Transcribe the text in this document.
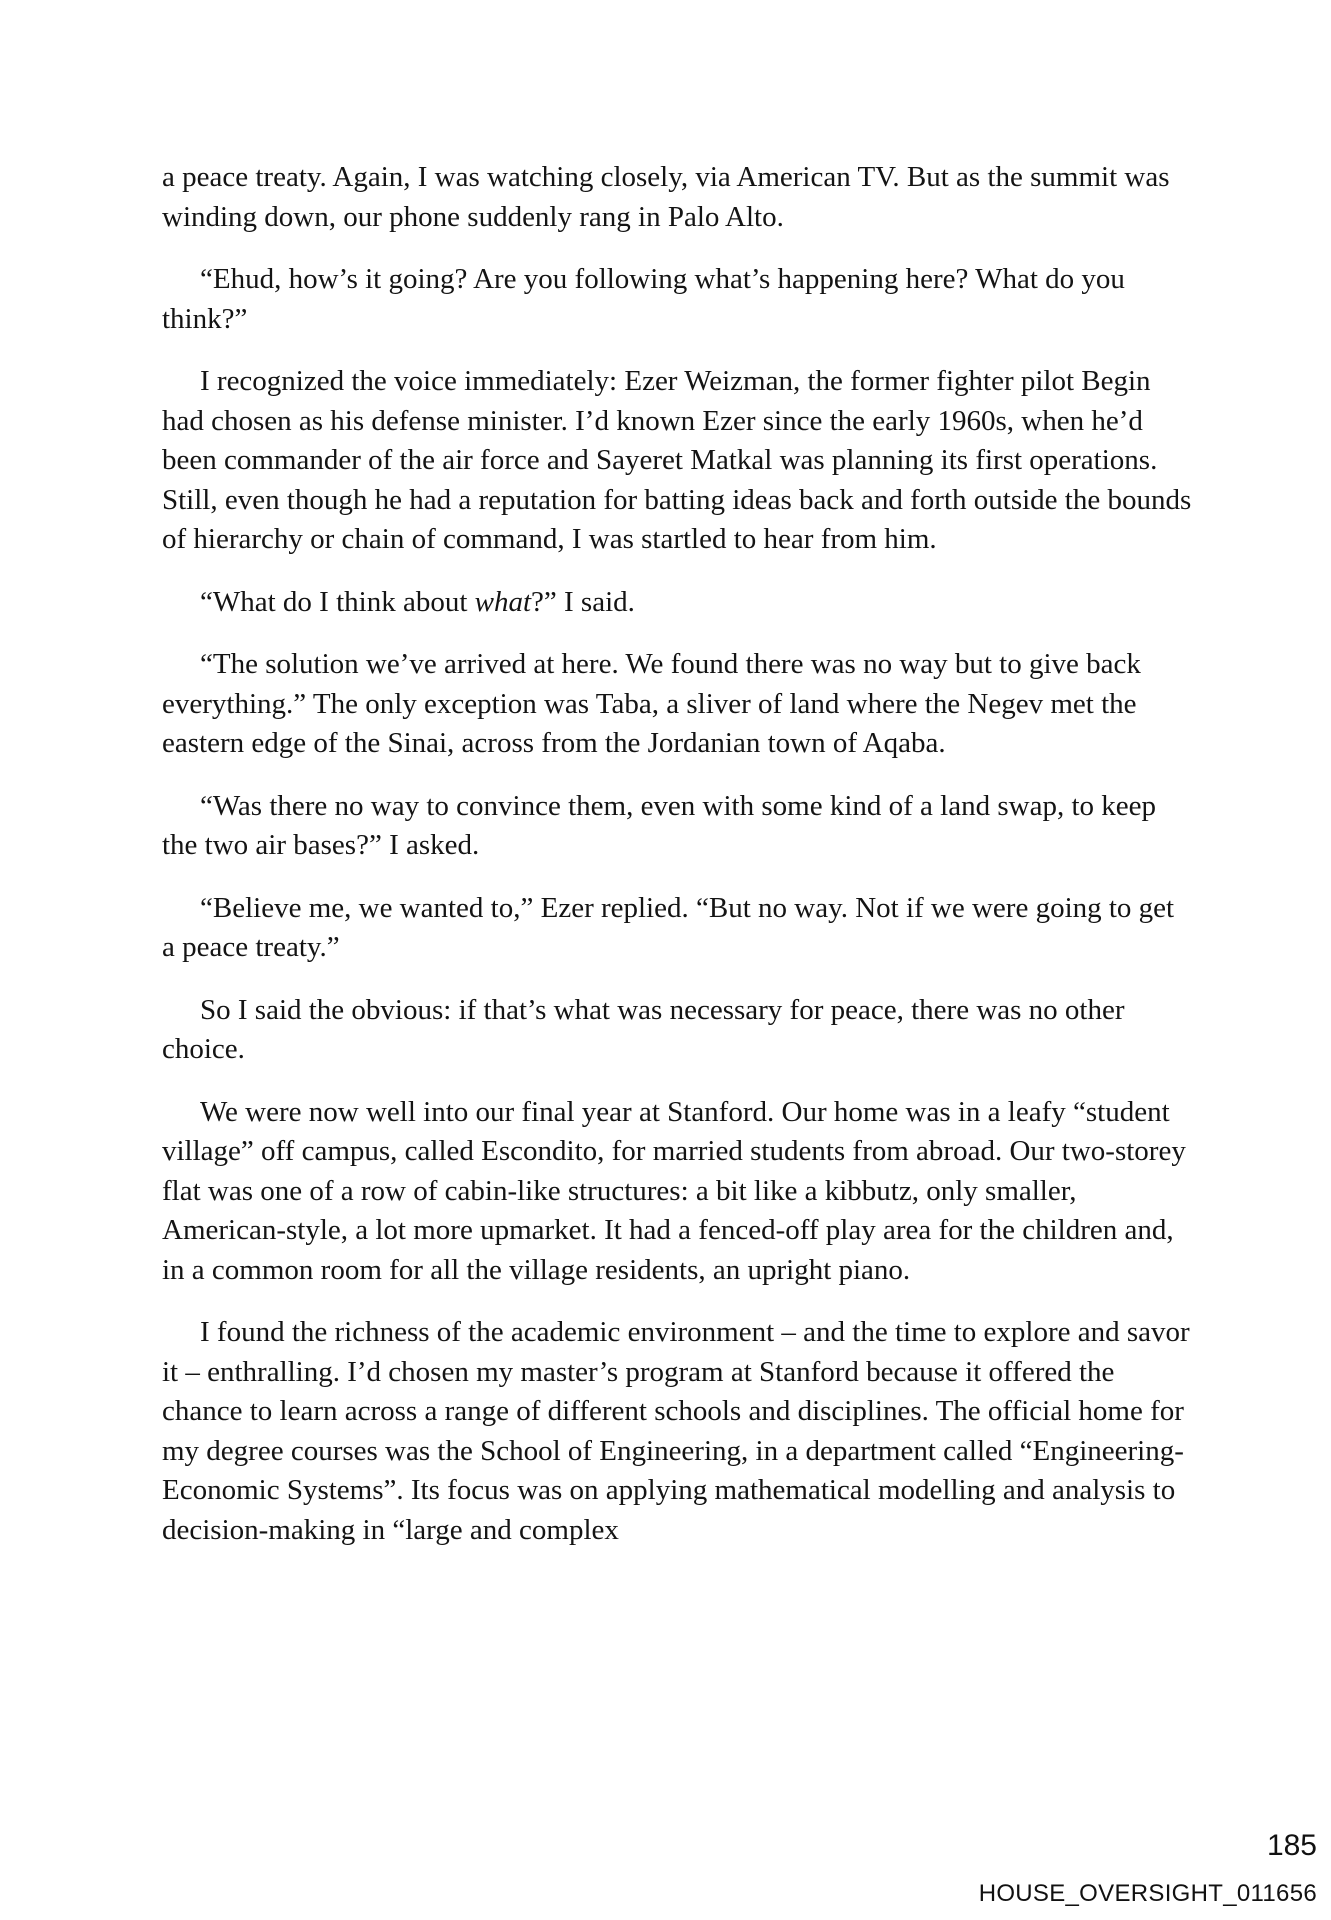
a peace treaty. Again, I was watching closely, via American TV. But as the summit was winding down, our phone suddenly rang in Palo Alto.

“Ehud, how’s it going? Are you following what’s happening here? What do you think?”

I recognized the voice immediately: Ezer Weizman, the former fighter pilot Begin had chosen as his defense minister. I’d known Ezer since the early 1960s, when he’d been commander of the air force and Sayeret Matkal was planning its first operations. Still, even though he had a reputation for batting ideas back and forth outside the bounds of hierarchy or chain of command, I was startled to hear from him.

“What do I think about what?” I said.

“The solution we’ve arrived at here. We found there was no way but to give back everything.” The only exception was Taba, a sliver of land where the Negev met the eastern edge of the Sinai, across from the Jordanian town of Aqaba.

“Was there no way to convince them, even with some kind of a land swap, to keep the two air bases?” I asked.

“Believe me, we wanted to,” Ezer replied. “But no way. Not if we were going to get a peace treaty.”

So I said the obvious: if that’s what was necessary for peace, there was no other choice.

We were now well into our final year at Stanford. Our home was in a leafy “student village” off campus, called Escondito, for married students from abroad. Our two-storey flat was one of a row of cabin-like structures: a bit like a kibbutz, only smaller, American-style, a lot more upmarket. It had a fenced-off play area for the children and, in a common room for all the village residents, an upright piano.

I found the richness of the academic environment – and the time to explore and savor it – enthralling. I’d chosen my master’s program at Stanford because it offered the chance to learn across a range of different schools and disciplines. The official home for my degree courses was the School of Engineering, in a department called “Engineering-Economic Systems”. Its focus was on applying mathematical modelling and analysis to decision-making in “large and complex

185
HOUSE_OVERSIGHT_011656
